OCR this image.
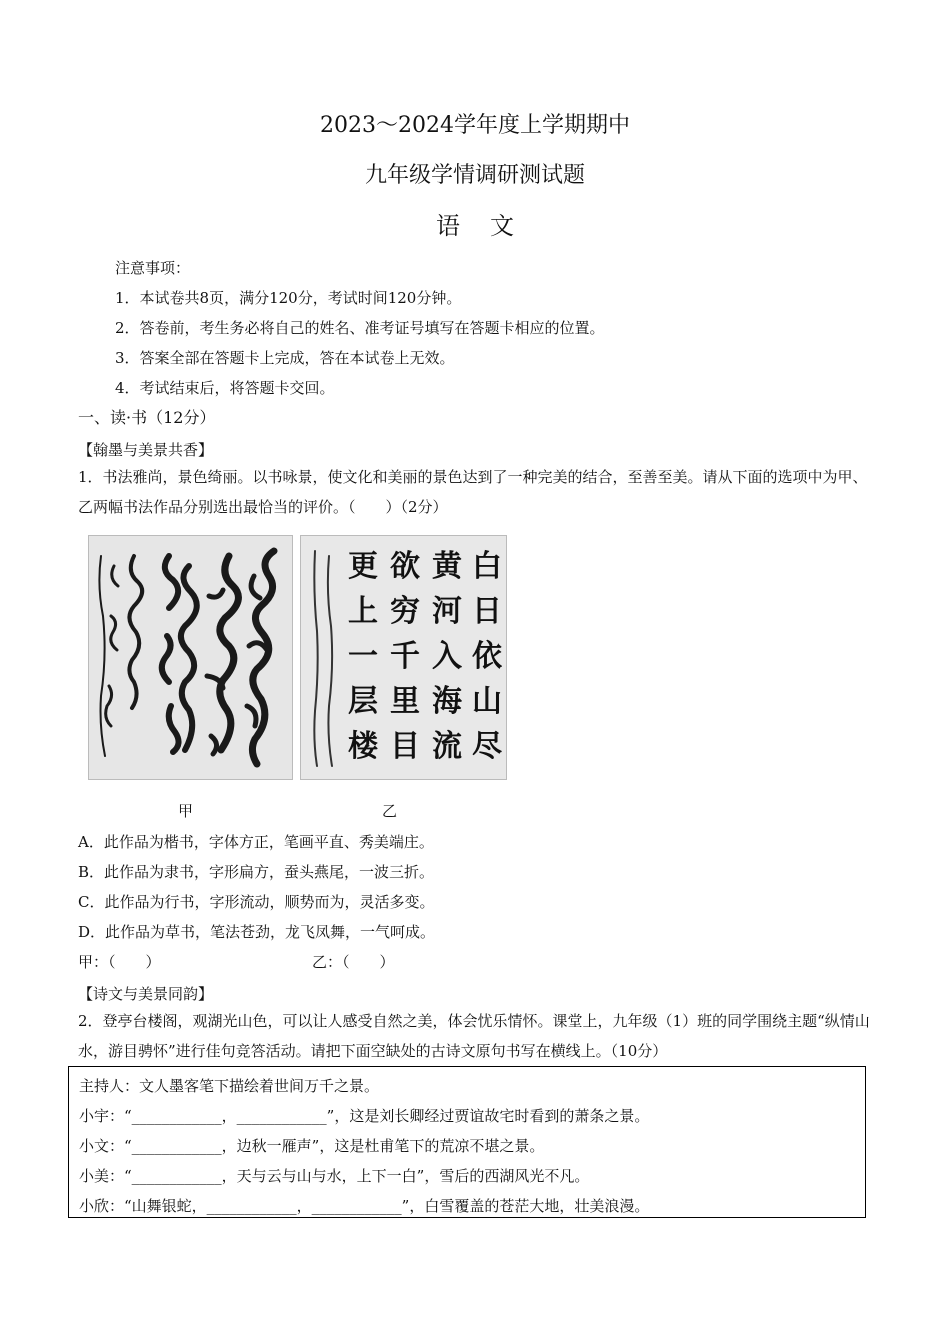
2023～2024学年度上学期期中
九年级学情调研测试题
语文
注意事项：
1．本试卷共8页，满分120分，考试时间120分钟。
2．答卷前，考生务必将自己的姓名、准考证号填写在答题卡相应的位置。
3．答案全部在答题卡上完成，答在本试卷上无效。
4．考试结束后，将答题卡交回。
一、读·书（12分）
【翰墨与美景共香】
1．书法雅尚，景色绮丽。以书咏景，使文化和美丽的景色达到了一种完美的结合，至善至美。请从下面的选项中为甲、乙两幅书法作品分别选出最恰当的评价。（　　）（2分）
白
日
依
山
尽
黄
河
入
海
流
欲
穷
千
里
目
更
上
一
层
楼
甲	乙
A．此作品为楷书，字体方正，笔画平直、秀美端庄。
B．此作品为隶书，字形扁方，蚕头燕尾，一波三折。
C．此作品为行书，字形流动，顺势而为，灵活多变。
D．此作品为草书，笔法苍劲，龙飞凤舞，一气呵成。
甲：（　　）	乙：（　　）
【诗文与美景同韵】
2．登亭台楼阁，观湖光山色，可以让人感受自然之美，体会忧乐情怀。课堂上，九年级（1）班的同学围绕主题“纵情山水，游目骋怀”进行佳句竞答活动。请把下面空缺处的古诗文原句书写在横线上。（10分）
主持人：文人墨客笔下描绘着世间万千之景。
小宇：“____________，____________”，这是刘长卿经过贾谊故宅时看到的萧条之景。
小文：“____________，边秋一雁声”，这是杜甫笔下的荒凉不堪之景。
小美：“____________，天与云与山与水，上下一白”，雪后的西湖风光不凡。
小欣：“山舞银蛇，____________，____________”，白雪覆盖的苍茫大地，壮美浪漫。
